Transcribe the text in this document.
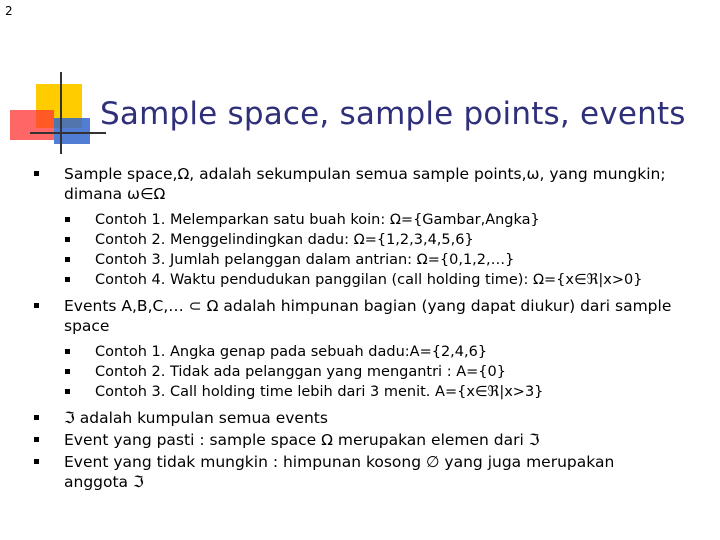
2
Sample space, sample points, events
Sample space,Ω, adalah sekumpulan semua sample points,ω, yang mungkin;
dimana ω∈Ω
Contoh 1. Melemparkan satu buah koin: Ω={Gambar,Angka}
Contoh 2. Menggelindingkan dadu: Ω={1,2,3,4,5,6}
Contoh 3. Jumlah pelanggan dalam antrian: Ω={0,1,2,…}
Contoh 4. Waktu pendudukan panggilan (call holding time): Ω={x∈ℜ|x>0}
Events A,B,C,… ⊂ Ω adalah himpunan bagian (yang dapat diukur) dari sample
space
Contoh 1. Angka genap pada sebuah dadu:A={2,4,6}
Contoh 2. Tidak ada pelanggan yang mengantri : A={0}
Contoh 3. Call holding time lebih dari 3 menit. A={x∈ℜ|x>3}
ℑ adalah kumpulan semua events
Event yang pasti : sample space Ω merupakan elemen dari ℑ
Event yang tidak mungkin : himpunan kosong ∅ yang juga merupakan
anggota ℑ
